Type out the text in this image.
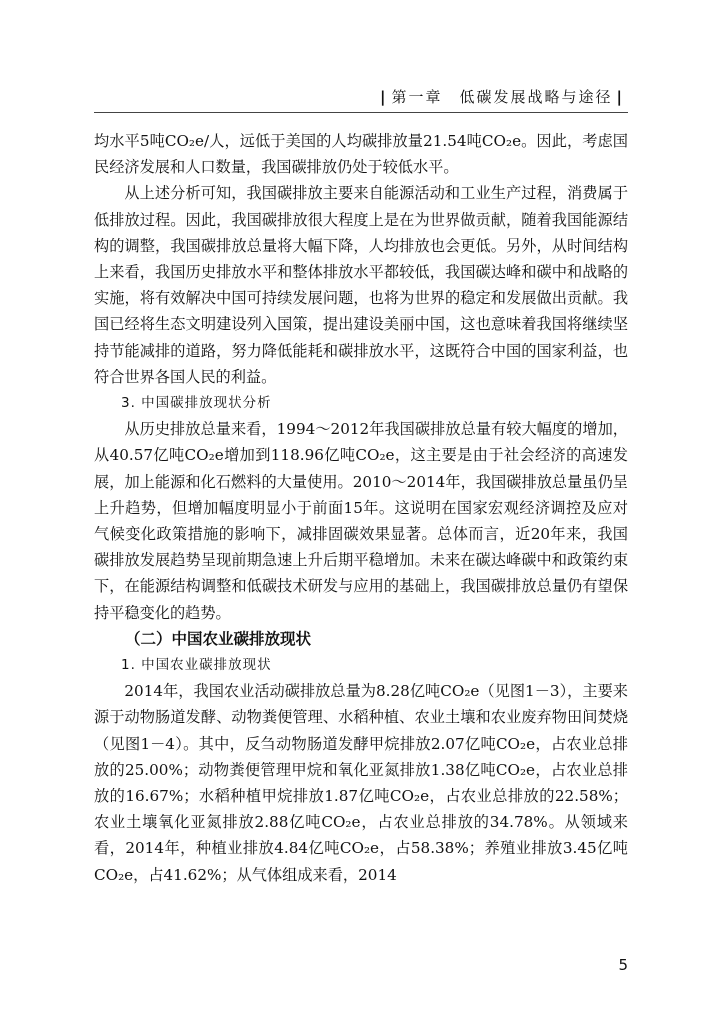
| 第一章　低碳发展战略与途径 |

均水平5吨CO₂e/人，远低于美国的人均碳排放量21.54吨CO₂e。因此，考虑国民经济发展和人口数量，我国碳排放仍处于较低水平。

从上述分析可知，我国碳排放主要来自能源活动和工业生产过程，消费属于低排放过程。因此，我国碳排放很大程度上是在为世界做贡献，随着我国能源结构的调整，我国碳排放总量将大幅下降，人均排放也会更低。另外，从时间结构上来看，我国历史排放水平和整体排放水平都较低，我国碳达峰和碳中和战略的实施，将有效解决中国可持续发展问题，也将为世界的稳定和发展做出贡献。我国已经将生态文明建设列入国策，提出建设美丽中国，这也意味着我国将继续坚持节能减排的道路，努力降低能耗和碳排放水平，这既符合中国的国家利益，也符合世界各国人民的利益。

3. 中国碳排放现状分析

从历史排放总量来看，1994～2012年我国碳排放总量有较大幅度的增加，从40.57亿吨CO₂e增加到118.96亿吨CO₂e，这主要是由于社会经济的高速发展，加上能源和化石燃料的大量使用。2010～2014年，我国碳排放总量虽仍呈上升趋势，但增加幅度明显小于前面15年。这说明在国家宏观经济调控及应对气候变化政策措施的影响下，减排固碳效果显著。总体而言，近20年来，我国碳排放发展趋势呈现前期急速上升后期平稳增加。未来在碳达峰碳中和政策约束下，在能源结构调整和低碳技术研发与应用的基础上，我国碳排放总量仍有望保持平稳变化的趋势。

（二）中国农业碳排放现状

1. 中国农业碳排放现状

2014年，我国农业活动碳排放总量为8.28亿吨CO₂e（见图1－3），主要来源于动物肠道发酵、动物粪便管理、水稻种植、农业土壤和农业废弃物田间焚烧（见图1－4）。其中，反刍动物肠道发酵甲烷排放2.07亿吨CO₂e，占农业总排放的25.00%；动物粪便管理甲烷和氧化亚氮排放1.38亿吨CO₂e，占农业总排放的16.67%；水稻种植甲烷排放1.87亿吨CO₂e，占农业总排放的22.58%；农业土壤氧化亚氮排放2.88亿吨CO₂e，占农业总排放的34.78%。从领域来看，2014年，种植业排放4.84亿吨CO₂e，占58.38%；养殖业排放3.45亿吨CO₂e，占41.62%；从气体组成来看，2014

5
